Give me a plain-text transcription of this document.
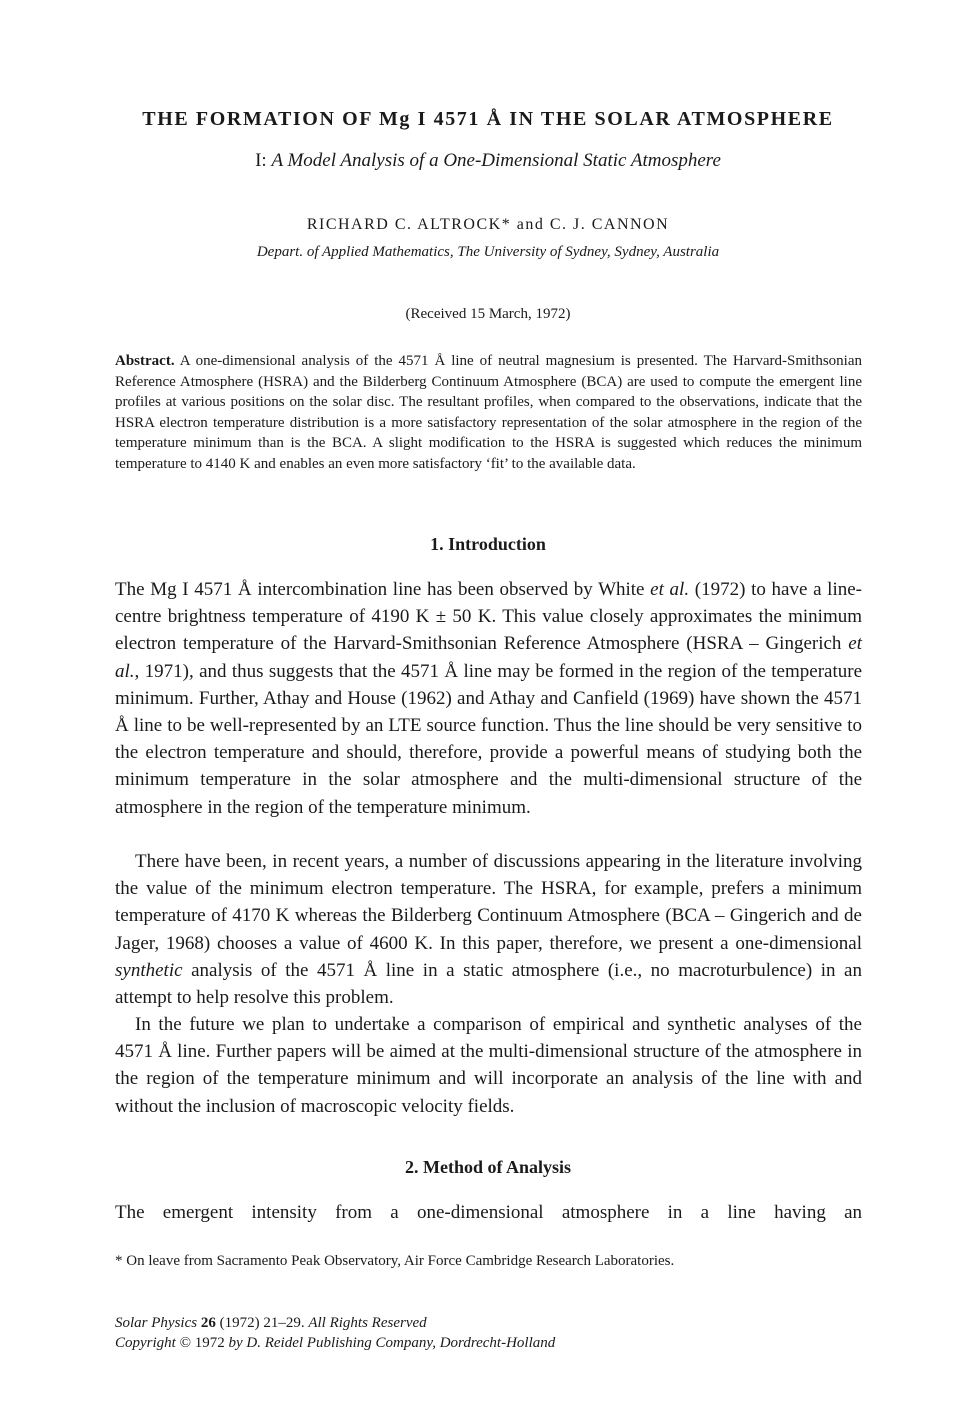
THE FORMATION OF Mg I 4571 Å IN THE SOLAR ATMOSPHERE
I: A Model Analysis of a One-Dimensional Static Atmosphere
RICHARD C. ALTROCK* and C. J. CANNON
Depart. of Applied Mathematics, The University of Sydney, Sydney, Australia
(Received 15 March, 1972)

Abstract. A one-dimensional analysis of the 4571 Å line of neutral magnesium is presented. The Harvard-Smithsonian Reference Atmosphere (HSRA) and the Bilderberg Continuum Atmosphere (BCA) are used to compute the emergent line profiles at various positions on the solar disc. The resultant profiles, when compared to the observations, indicate that the HSRA electron temperature distribution is a more satisfactory representation of the solar atmosphere in the region of the temperature minimum than is the BCA. A slight modification to the HSRA is suggested which reduces the minimum temperature to 4140 K and enables an even more satisfactory ‘fit’ to the available data.

1. Introduction

The Mg I 4571 Å intercombination line has been observed by White et al. (1972) to have a line-centre brightness temperature of 4190 K ± 50 K. This value closely approximates the minimum electron temperature of the Harvard-Smithsonian Reference Atmosphere (HSRA – Gingerich et al., 1971), and thus suggests that the 4571 Å line may be formed in the region of the temperature minimum. Further, Athay and House (1962) and Athay and Canfield (1969) have shown the 4571 Å line to be well-represented by an LTE source function. Thus the line should be very sensitive to the electron temperature and should, therefore, provide a powerful means of studying both the minimum temperature in the solar atmosphere and the multi-dimensional structure of the atmosphere in the region of the temperature minimum.

There have been, in recent years, a number of discussions appearing in the literature involving the value of the minimum electron temperature. The HSRA, for example, prefers a minimum temperature of 4170 K whereas the Bilderberg Continuum Atmosphere (BCA – Gingerich and de Jager, 1968) chooses a value of 4600 K. In this paper, therefore, we present a one-dimensional synthetic analysis of the 4571 Å line in a static atmosphere (i.e., no macroturbulence) in an attempt to help resolve this problem.

In the future we plan to undertake a comparison of empirical and synthetic analyses of the 4571 Å line. Further papers will be aimed at the multi-dimensional structure of the atmosphere in the region of the temperature minimum and will incorporate an analysis of the line with and without the inclusion of macroscopic velocity fields.

2. Method of Analysis

The emergent intensity from a one-dimensional atmosphere in a line having an

* On leave from Sacramento Peak Observatory, Air Force Cambridge Research Laboratories.
Solar Physics 26 (1972) 21–29. All Rights Reserved
Copyright © 1972 by D. Reidel Publishing Company, Dordrecht-Holland
